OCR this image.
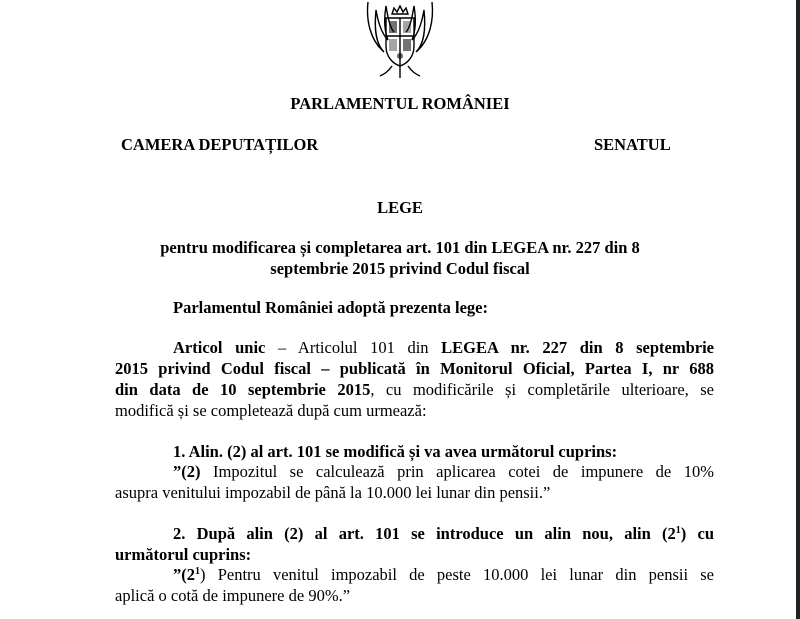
PARLAMENTUL ROMÂNIEI
CAMERA DEPUTAȚILOR	SENATUL
LEGE
pentru modificarea și completarea art. 101 din LEGEA nr. 227 din 8
septembrie 2015 privind Codul fiscal
Parlamentul României adoptă prezenta lege:

Articol unic – Articolul 101 din LEGEA nr. 227 din 8 septembrie

2015 privind Codul fiscal – publicată în Monitorul Oficial, Partea I, nr 688

din data de 10 septembrie 2015, cu modificările și completările ulterioare, se

modifică și se completează după cum urmează:

1. Alin. (2) al art. 101 se modifică și va avea următorul cuprins:

”(2) Impozitul se calculează prin aplicarea cotei de impunere de 10%

asupra venitului impozabil de până la 10.000 lei lunar din pensii.”

2. După alin (2) al art. 101 se introduce un alin nou, alin $(2^1)$ cu

următorul cuprins:

$”(2^1)$ Pentru venitul impozabil de peste 10.000 lei lunar din pensii se

aplică o cotă de impunere de 90%.”
